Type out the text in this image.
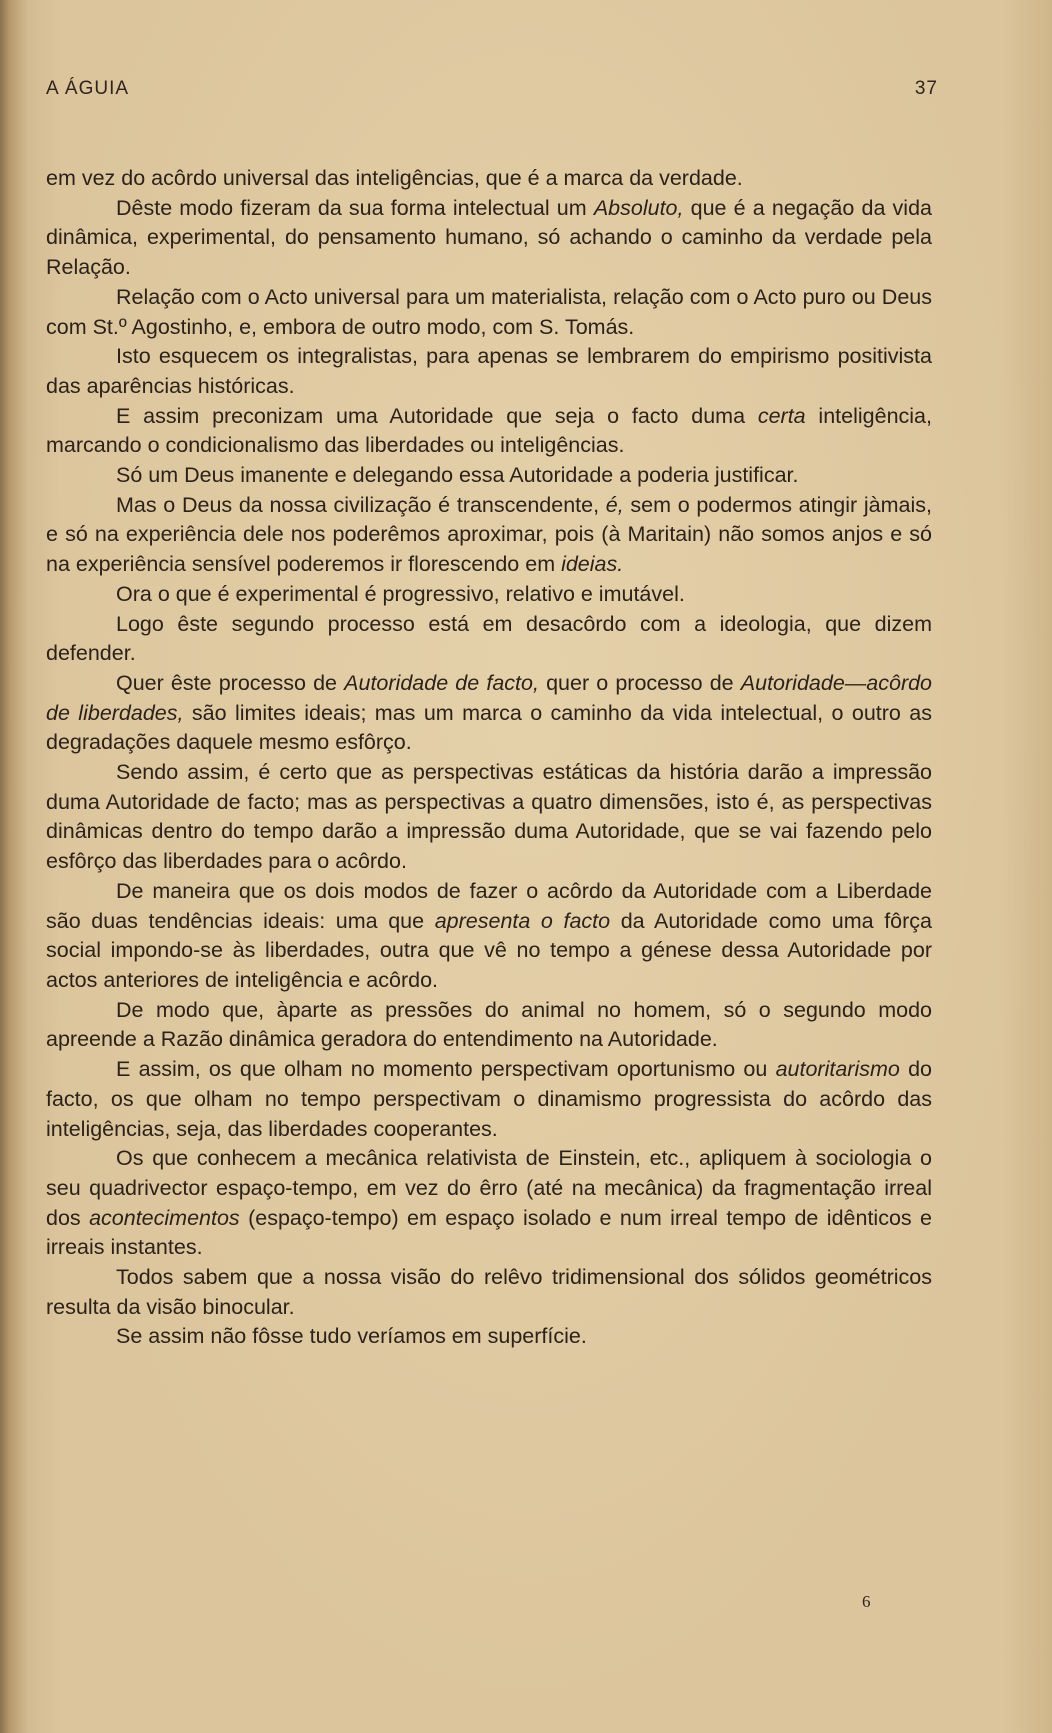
A ÁGUIA	37

em vez do acôrdo universal das inteligências, que é a marca da verdade.

Dêste modo fizeram da sua forma intelectual um Absoluto, que é a negação da vida dinâmica, experimental, do pensamento humano, só achando o caminho da verdade pela Relação.

Relação com o Acto universal para um materialista, relação com o Acto puro ou Deus com St.º Agostinho, e, embora de outro modo, com S. Tomás.

Isto esquecem os integralistas, para apenas se lembrarem do empirismo positivista das aparências históricas.

E assim preconizam uma Autoridade que seja o facto duma certa inteligência, marcando o condicionalismo das liberdades ou inteligências.

Só um Deus imanente e delegando essa Autoridade a poderia justificar.

Mas o Deus da nossa civilização é transcendente, é, sem o podermos atingir jàmais, e só na experiência dele nos poderêmos aproximar, pois (à Maritain) não somos anjos e só na experiência sensível poderemos ir florescendo em ideias.

Ora o que é experimental é progressivo, relativo e imutável.

Logo êste segundo processo está em desacôrdo com a ideologia, que dizem defender.

Quer êste processo de Autoridade de facto, quer o processo de Autoridade—acôrdo de liberdades, são limites ideais; mas um marca o caminho da vida intelectual, o outro as degradações daquele mesmo esfôrço.

Sendo assim, é certo que as perspectivas estáticas da história darão a impressão duma Autoridade de facto; mas as perspectivas a quatro dimensões, isto é, as perspectivas dinâmicas dentro do tempo darão a impressão duma Autoridade, que se vai fazendo pelo esfôrço das liberdades para o acôrdo.

De maneira que os dois modos de fazer o acôrdo da Autoridade com a Liberdade são duas tendências ideais: uma que apresenta o facto da Autoridade como uma fôrça social impondo-se às liberdades, outra que vê no tempo a génese dessa Autoridade por actos anteriores de inteligência e acôrdo.

De modo que, àparte as pressões do animal no homem, só o segundo modo apreende a Razão dinâmica geradora do entendimento na Autoridade.

E assim, os que olham no momento perspectivam oportunismo ou autoritarismo do facto, os que olham no tempo perspectivam o dinamismo progressista do acôrdo das inteligências, seja, das liberdades cooperantes.

Os que conhecem a mecânica relativista de Einstein, etc., apliquem à sociologia o seu quadrivector espaço-tempo, em vez do êrro (até na mecânica) da fragmentação irreal dos acontecimentos (espaço-tempo) em espaço isolado e num irreal tempo de idênticos e irreais instantes.

Todos sabem que a nossa visão do relêvo tridimensional dos sólidos geométricos resulta da visão binocular.

Se assim não fôsse tudo veríamos em superfície.

6
